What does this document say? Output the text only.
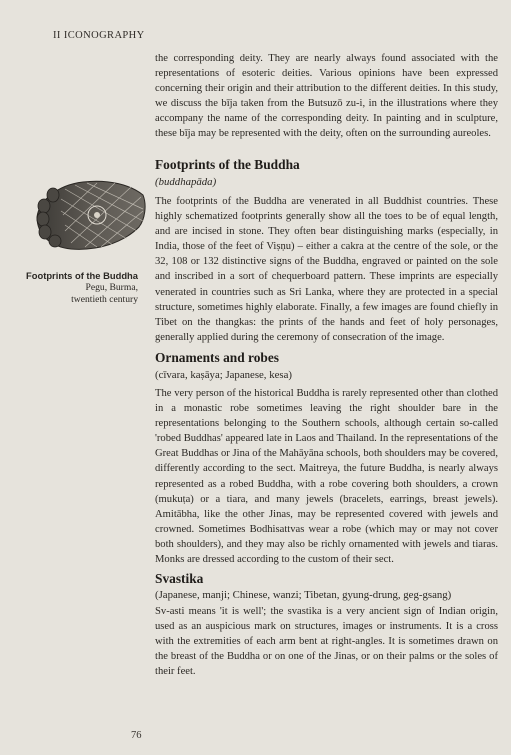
II ICONOGRAPHY

the corresponding deity. They are nearly always found associated with the representations of esoteric deities. Various opinions have been expressed concerning their origin and their attribution to the different deities. In this study, we discuss the bīja taken from the Butsuzō zu-i, in the illustrations where they accompany the name of the corresponding deity. In painting and in sculpture, these bīja may be represented with the deity, often on the surrounding aureoles.

Footprints of the Buddha
Pegu, Burma,
twentieth century
Footprints of the Buddha
(buddhapāda)

The footprints of the Buddha are venerated in all Buddhist countries. These highly schematized footprints generally show all the toes to be of equal length, and are incised in stone. They often bear distinguishing marks (especially, in India, those of the feet of Viṣṇu) – either a cakra at the centre of the sole, or the 32, 108 or 132 distinctive signs of the Buddha, engraved or painted on the sole and inscribed in a sort of chequerboard pattern. These imprints are especially venerated in countries such as Sri Lanka, where they are protected in a special structure, sometimes highly elaborate. Finally, a few images are found chiefly in Tibet on the thangkas: the prints of the hands and feet of holy personages, generally applied during the ceremony of consecration of the image.

Ornaments and robes
(cīvara, kaṣāya; Japanese, kesa)

The very person of the historical Buddha is rarely represented other than clothed in a monastic robe sometimes leaving the right shoulder bare in the representations belonging to the Southern schools, although certain so-called 'robed Buddhas' appeared late in Laos and Thailand. In the representations of the Great Buddhas or Jina of the Mahāyāna schools, both shoulders may be covered, differently according to the sect. Maitreya, the future Buddha, is nearly always represented as a robed Buddha, with a robe covering both shoulders, a crown (mukuṭa) or a tiara, and many jewels (bracelets, earrings, breast jewels). Amitābha, like the other Jinas, may be represented covered with jewels and crowned. Sometimes Bodhisattvas wear a robe (which may or may not cover both shoulders), and they may also be richly ornamented with jewels and tiaras. Monks are dressed according to the custom of their sect.

Svastika
(Japanese, manji; Chinese, wanzi; Tibetan, gyung-drung, geg-gsang)

Sv-asti means 'it is well'; the svastika is a very ancient sign of Indian origin, used as an auspicious mark on structures, images or instruments. It is a cross with the extremities of each arm bent at right-angles. It is sometimes drawn on the breast of the Buddha or on one of the Jinas, or on their palms or the soles of their feet.

76
